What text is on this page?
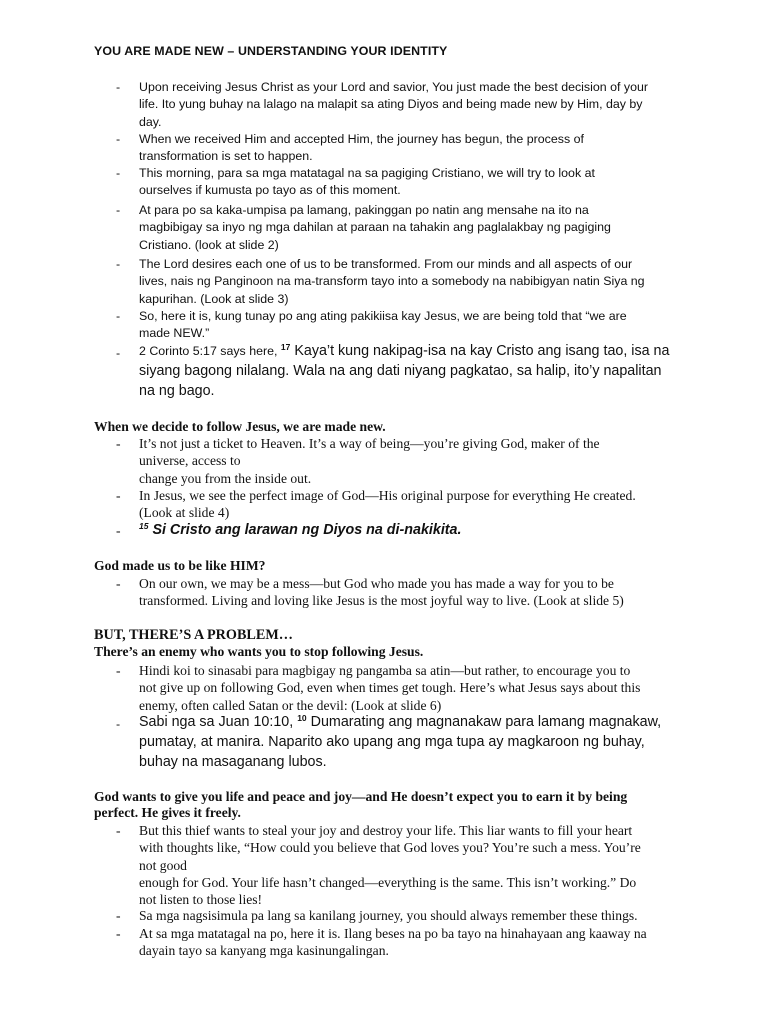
YOU ARE MADE NEW – UNDERSTANDING YOUR IDENTITY
- Upon receiving Jesus Christ as your Lord and savior, You just made the best decision of your
life. Ito yung buhay na lalago na malapit sa ating Diyos and being made new by Him, day by
day.
- When we received Him and accepted Him, the journey has begun, the process of
transformation is set to happen.
- This morning, para sa mga matatagal na sa pagiging Cristiano, we will try to look at
ourselves if kumusta po tayo as of this moment.
- At para po sa kaka-umpisa pa lamang, pakinggan po natin ang mensahe na ito na
magbibigay sa inyo ng mga dahilan at paraan na tahakin ang paglalakbay ng pagiging
Cristiano. (look at slide 2)
- The Lord desires each one of us to be transformed. From our minds and all aspects of our
lives, nais ng Panginoon na ma-transform tayo into a somebody na nabibigyan natin Siya ng
kapurihan. (Look at slide 3)
- So, here it is, kung tunay po ang ating pakikiisa kay Jesus, we are being told that “we are
made NEW.”
- 2 Corinto 5:17 says here, $^{17}$ Kaya’t kung nakipag-isa na kay Cristo ang isang tao, isa na
siyang bagong nilalang. Wala na ang dati niyang pagkatao, sa halip, ito’y napalitan
na ng bago.
When we decide to follow Jesus, we are made new.
- It’s not just a ticket to Heaven. It’s a way of being—you’re giving God, maker of the
universe, access to
change you from the inside out.
- In Jesus, we see the perfect image of God—His original purpose for everything He created.
(Look at slide 4)
- $^{15}$ Si Cristo ang larawan ng Diyos na di-nakikita.
God made us to be like HIM?
- On our own, we may be a mess—but God who made you has made a way for you to be
transformed. Living and loving like Jesus is the most joyful way to live. (Look at slide 5)
BUT, THERE’S A PROBLEM…
There’s an enemy who wants you to stop following Jesus.
- Hindi koi to sinasabi para magbigay ng pangamba sa atin—but rather, to encourage you to
not give up on following God, even when times get tough. Here’s what Jesus says about this
enemy, often called Satan or the devil: (Look at slide 6)
- Sabi nga sa Juan 10:10, $^{10}$ Dumarating ang magnanakaw para lamang magnakaw,
pumatay, at manira. Naparito ako upang ang mga tupa ay magkaroon ng buhay,
buhay na masaganang lubos.
God wants to give you life and peace and joy—and He doesn’t expect you to earn it by being
perfect. He gives it freely.
- But this thief wants to steal your joy and destroy your life. This liar wants to fill your heart
with thoughts like, “How could you believe that God loves you? You’re such a mess. You’re
not good
enough for God. Your life hasn’t changed—everything is the same. This isn’t working.” Do
not listen to those lies!
- Sa mga nagsisimula pa lang sa kanilang journey, you should always remember these things.
- At sa mga matatagal na po, here it is. Ilang beses na po ba tayo na hinahayaan ang kaaway na
dayain tayo sa kanyang mga kasinungalingan.
